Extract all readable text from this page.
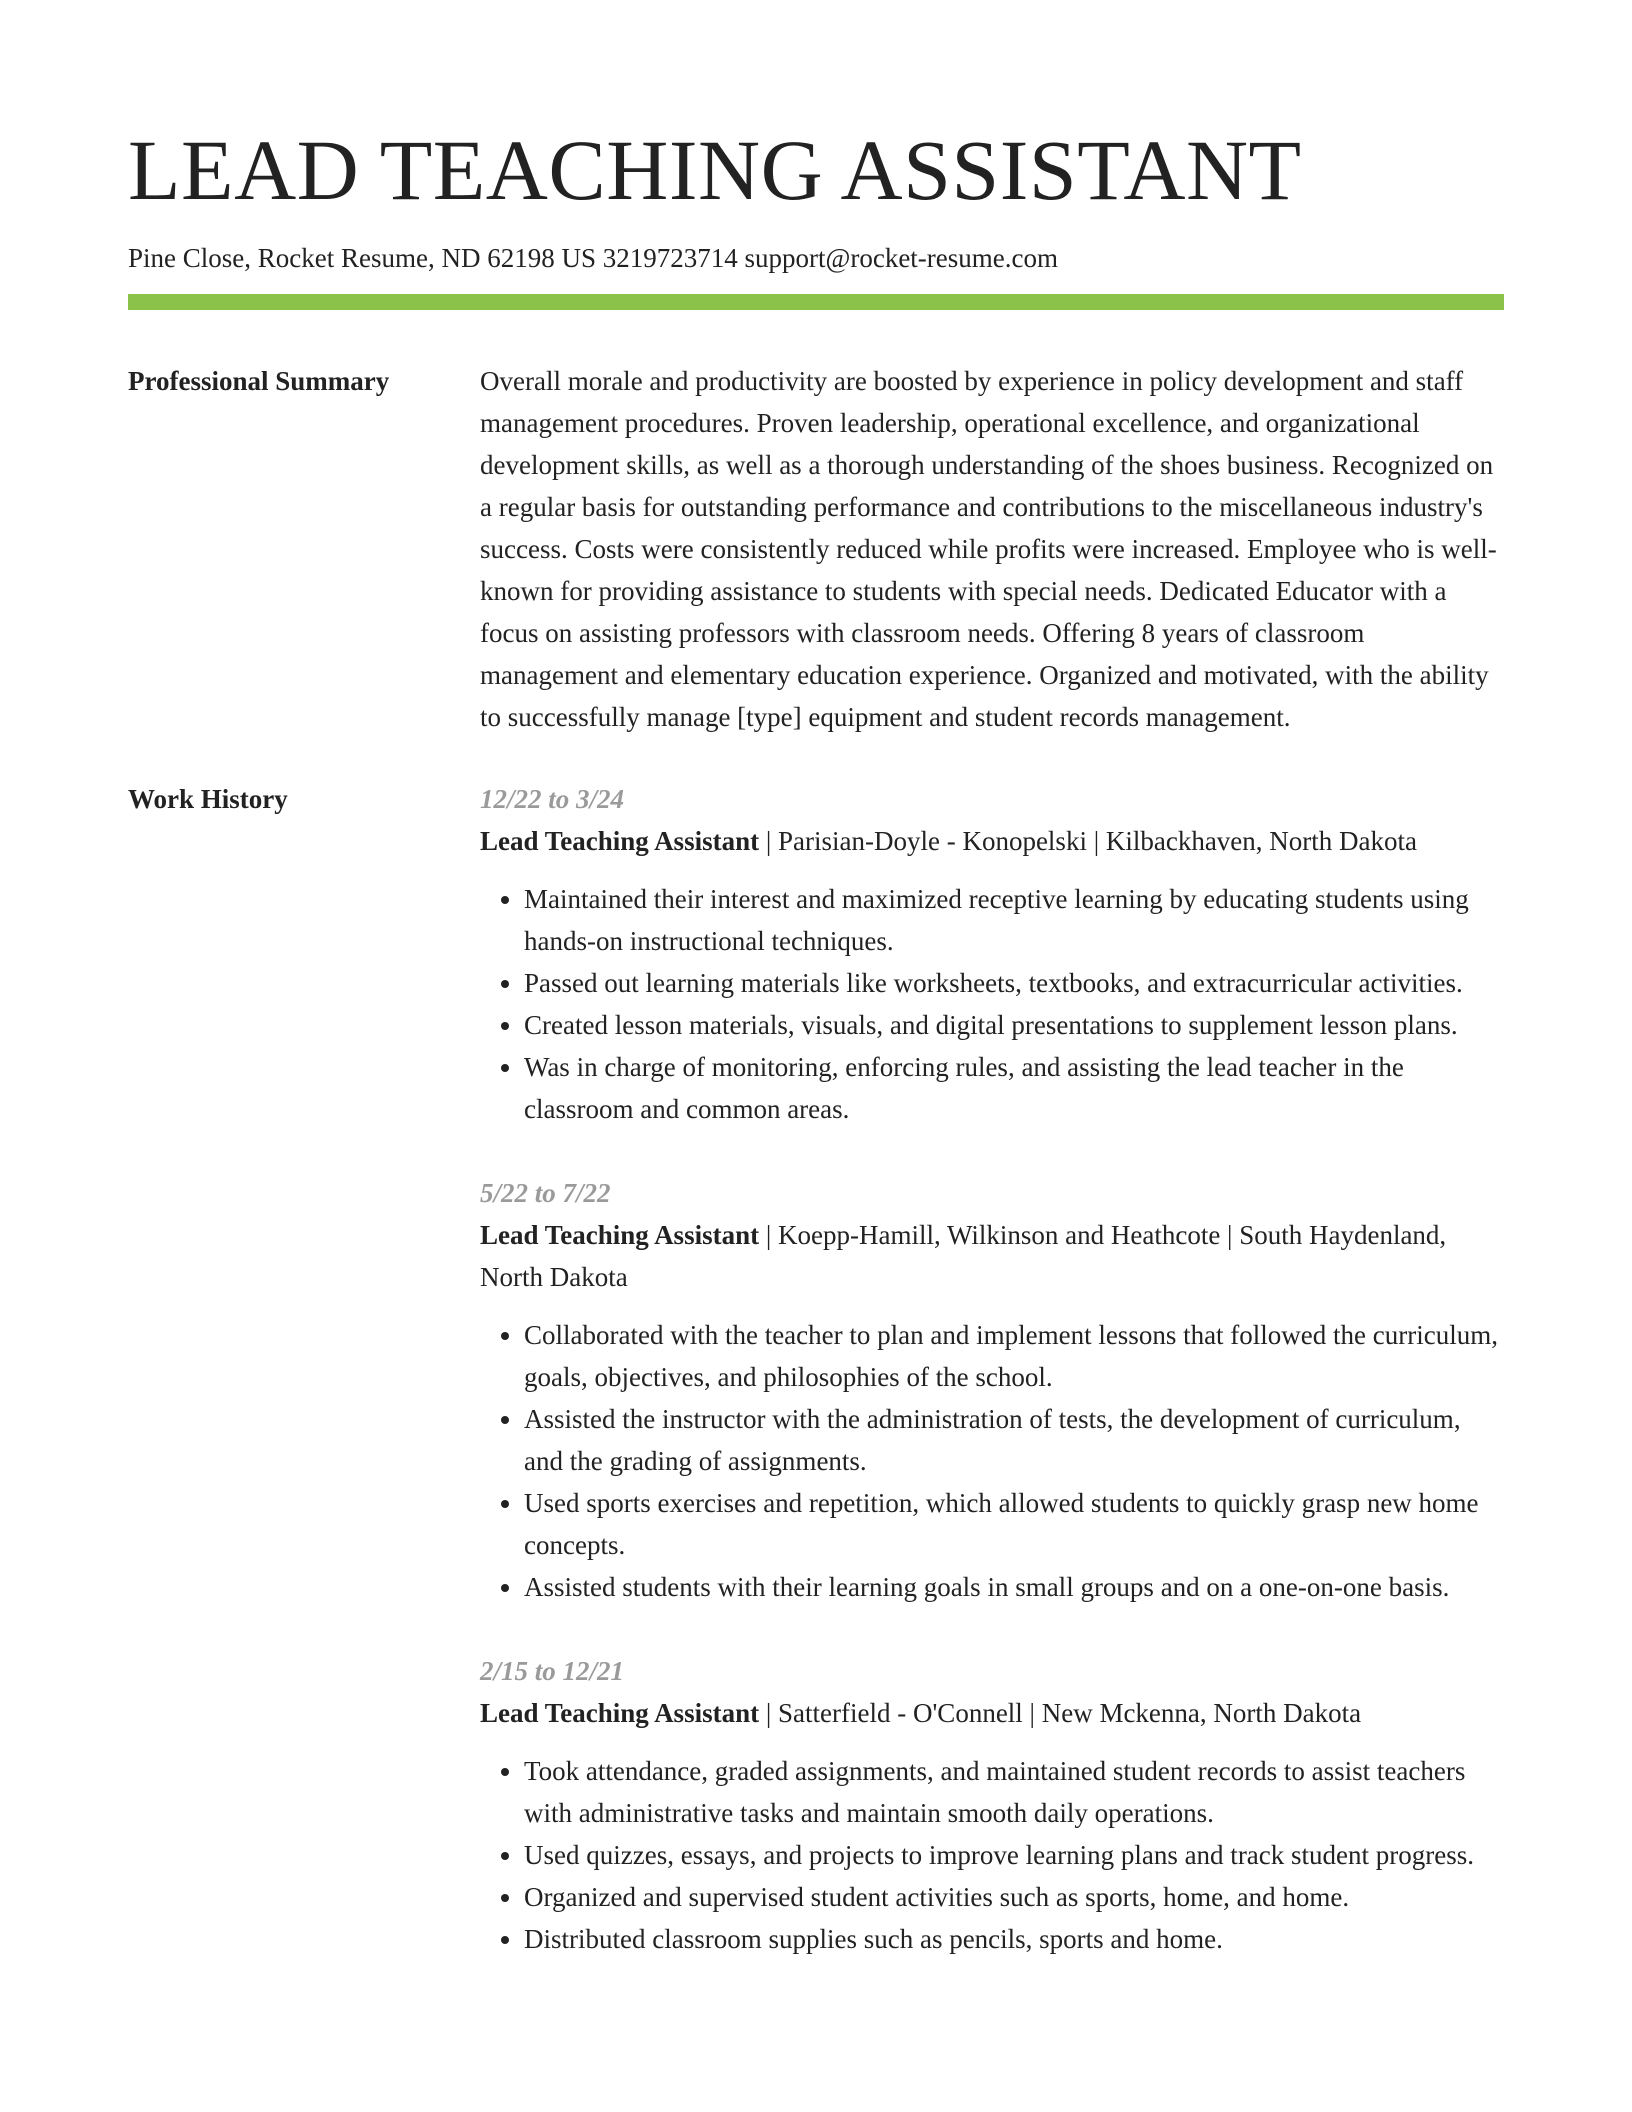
LEAD TEACHING ASSISTANT
Pine Close, Rocket Resume, ND 62198 US 3219723714 support@rocket-resume.com
Professional Summary	Overall morale and productivity are boosted by experience in policy development and staff management procedures. Proven leadership, operational excellence, and organizational development skills, as well as a thorough understanding of the shoes business. Recognized on a regular basis for outstanding performance and contributions to the miscellaneous industry's success. Costs were consistently reduced while profits were increased. Employee who is well-known for providing assistance to students with special needs. Dedicated Educator with a focus on assisting professors with classroom needs. Offering 8 years of classroom management and elementary education experience. Organized and motivated, with the ability to successfully manage [type] equipment and student records management.

Work History	12/22 to 3/24
Lead Teaching Assistant | Parisian-Doyle - Konopelski | Kilbackhaven, North Dakota
• Maintained their interest and maximized receptive learning by educating students using hands-on instructional techniques.
• Passed out learning materials like worksheets, textbooks, and extracurricular activities.
• Created lesson materials, visuals, and digital presentations to supplement lesson plans.
• Was in charge of monitoring, enforcing rules, and assisting the lead teacher in the classroom and common areas.
5/22 to 7/22
Lead Teaching Assistant | Koepp-Hamill, Wilkinson and Heathcote | South Haydenland, North Dakota
• Collaborated with the teacher to plan and implement lessons that followed the curriculum, goals, objectives, and philosophies of the school.
• Assisted the instructor with the administration of tests, the development of curriculum, and the grading of assignments.
• Used sports exercises and repetition, which allowed students to quickly grasp new home concepts.
• Assisted students with their learning goals in small groups and on a one-on-one basis.
2/15 to 12/21
Lead Teaching Assistant | Satterfield - O'Connell | New Mckenna, North Dakota
• Took attendance, graded assignments, and maintained student records to assist teachers with administrative tasks and maintain smooth daily operations.
• Used quizzes, essays, and projects to improve learning plans and track student progress.
• Organized and supervised student activities such as sports, home, and home.
• Distributed classroom supplies such as pencils, sports and home.
